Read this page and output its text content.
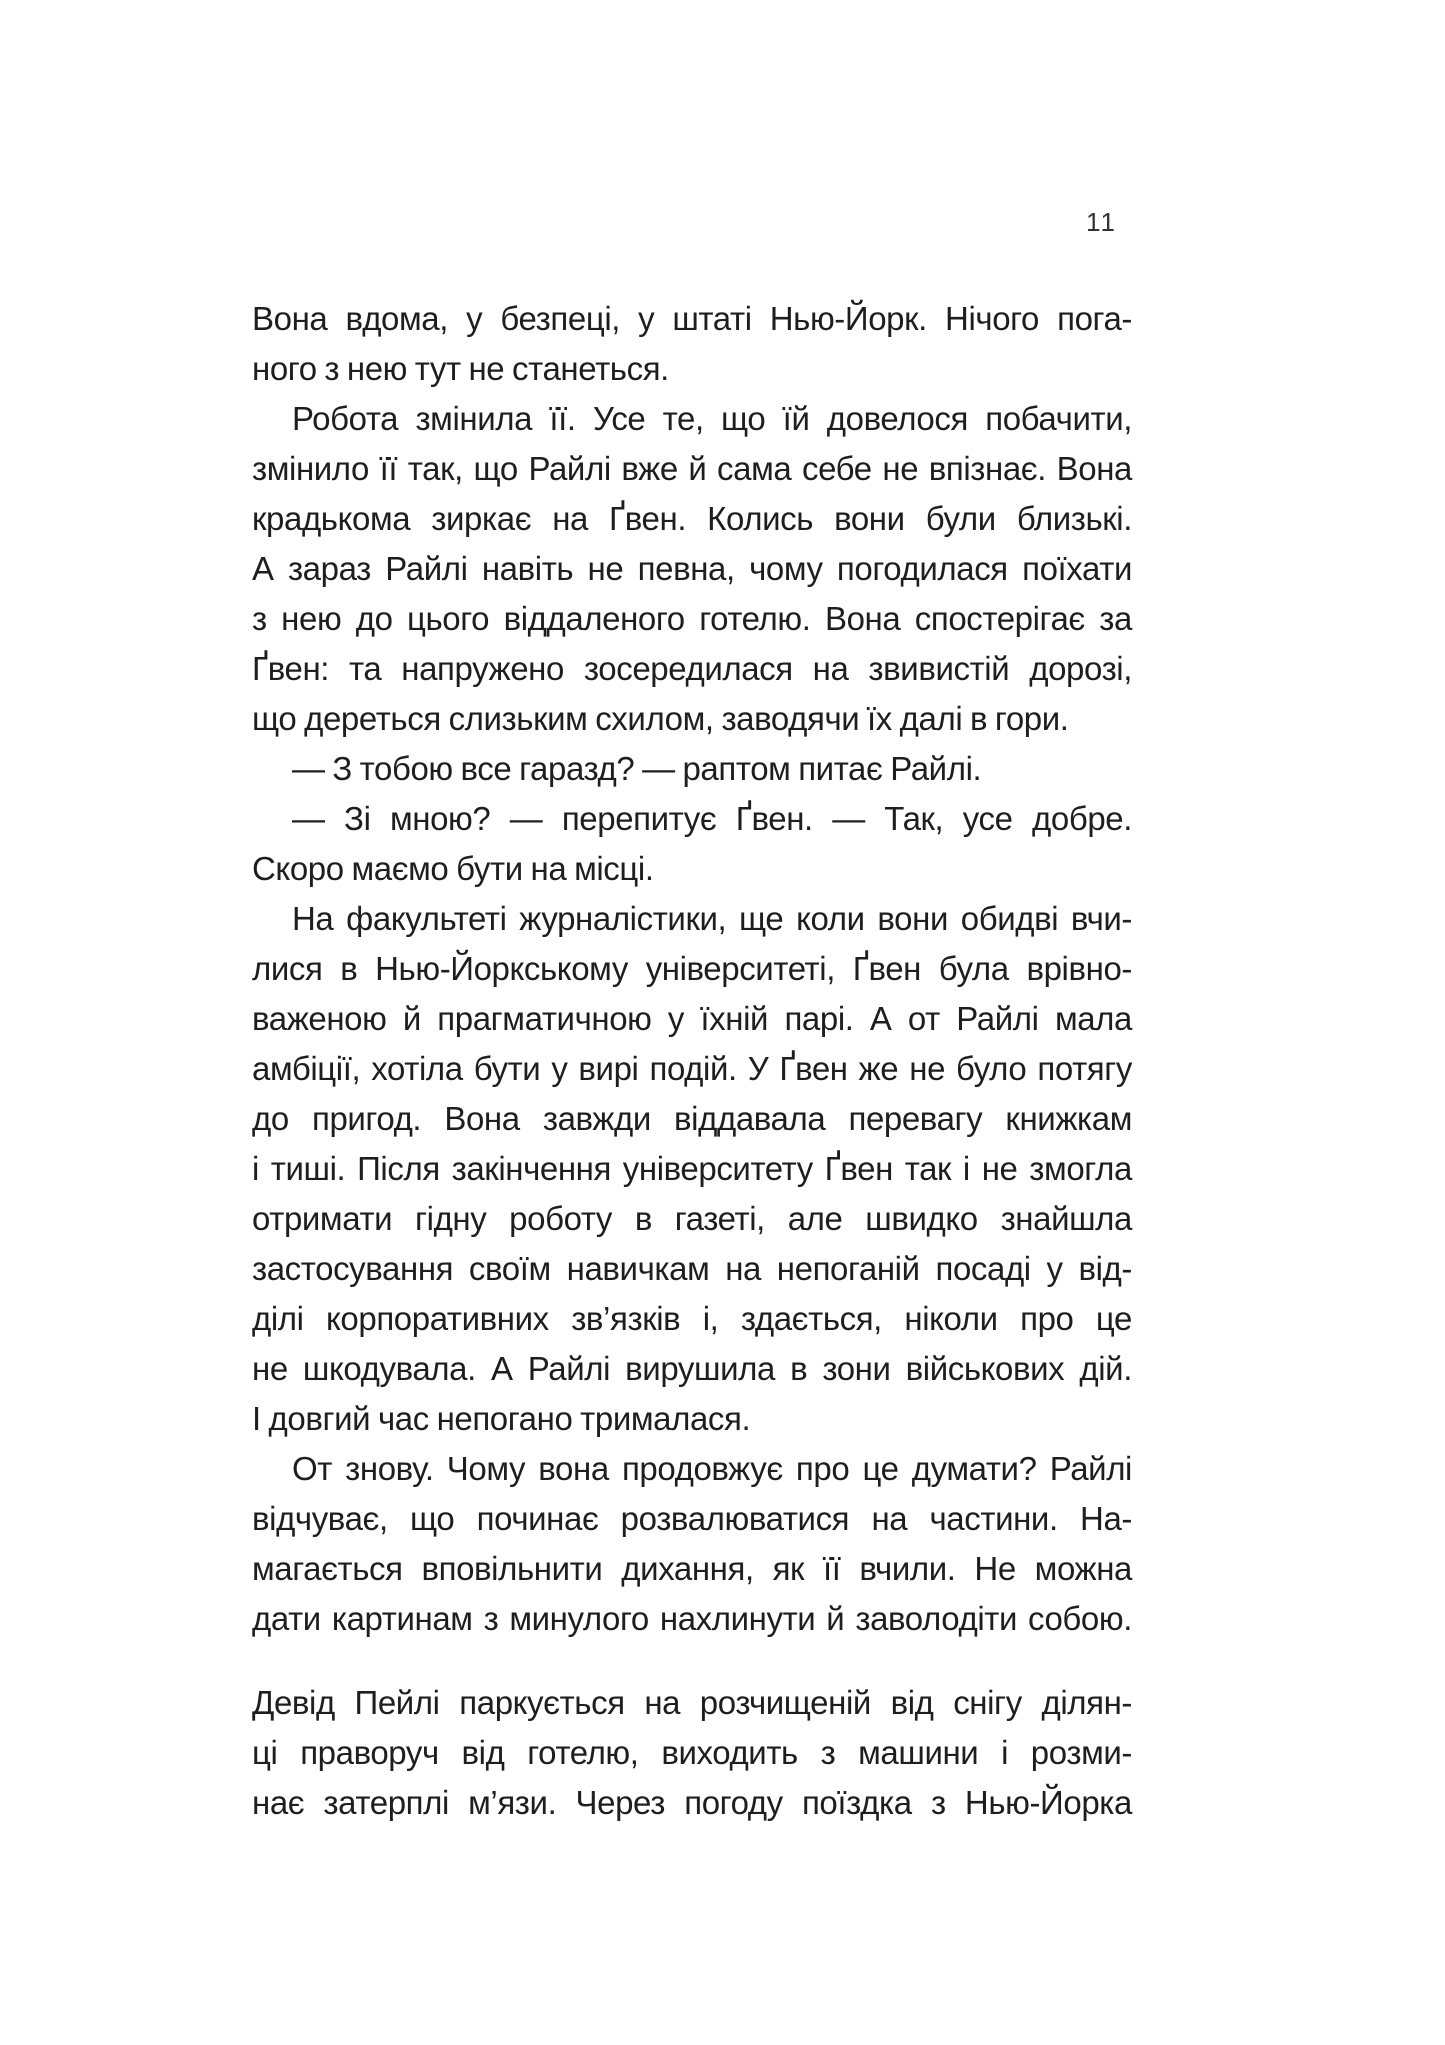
11
Вона вдома, у безпеці, у штаті Нью-Йорк. Нічого пога-
ного з нею тут не станеться.
Робота змінила її. Усе те, що їй довелося побачити,
змінило її так, що Райлі вже й сама себе не впізнає. Вона
крадькома зиркає на Ґвен. Колись вони були близькі.
А зараз Райлі навіть не певна, чому погодилася поїхати
з нею до цього віддаленого готелю. Вона спостерігає за
Ґвен: та напружено зосередилася на звивистій дорозі,
що дереться слизьким схилом, заводячи їх далі в гори.
— З тобою все гаразд? — раптом питає Райлі.
— Зі мною? — перепитує Ґвен. — Так, усе добре.
Скоро маємо бути на місці.
На факультеті журналістики, ще коли вони обидві вчи-
лися в Нью-Йоркському університеті, Ґвен була врівно-
важеною й прагматичною у їхній парі. А от Райлі мала
амбіції, хотіла бути у вирі подій. У Ґвен же не було потягу
до пригод. Вона завжди віддавала перевагу книжкам
і тиші. Після закінчення університету Ґвен так і не змогла
отримати гідну роботу в газеті, але швидко знайшла
застосування своїм навичкам на непоганій посаді у від-
ділі корпоративних зв’язків і, здається, ніколи про це
не шкодувала. А Райлі вирушила в зони військових дій.
І довгий час непогано трималася.
От знову. Чому вона продовжує про це думати? Райлі
відчуває, що починає розвалюватися на частини. На-
магається вповільнити дихання, як її вчили. Не можна
дати картинам з минулого нахлинути й заволодіти собою.
Девід Пейлі паркується на розчищеній від снігу ділян-
ці праворуч від готелю, виходить з машини і розми-
нає затерплі м’язи. Через погоду поїздка з Нью-Йорка
